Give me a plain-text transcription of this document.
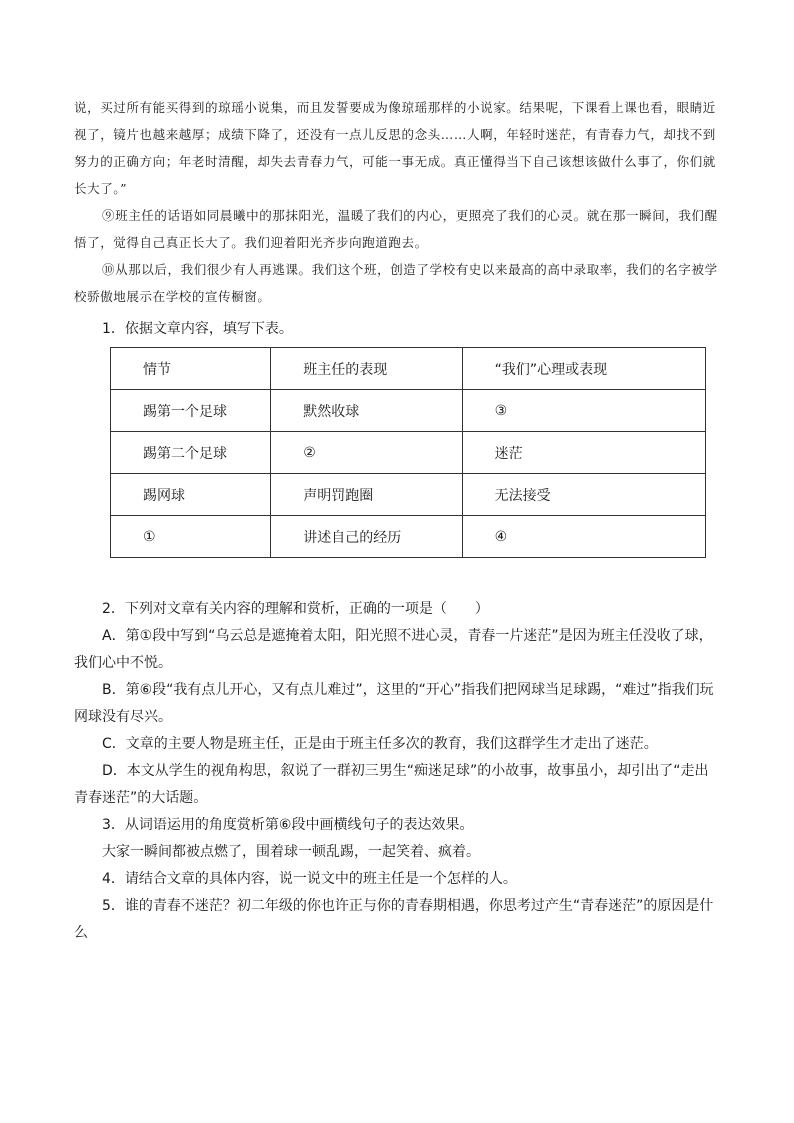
说，买过所有能买得到的琼瑶小说集，而且发誓要成为像琼瑶那样的小说家。结果呢，下课看上课也看，眼睛近视了，镜片也越来越厚；成绩下降了，还没有一点儿反思的念头……人啊，年轻时迷茫，有青春力气，却找不到努力的正确方向；年老时清醒，却失去青春力气，可能一事无成。真正懂得当下自己该想该做什么事了，你们就长大了。”

⑨班主任的话语如同晨曦中的那抹阳光，温暖了我们的内心，更照亮了我们的心灵。就在那一瞬间，我们醒悟了，觉得自己真正长大了。我们迎着阳光齐步向跑道跑去。

⑩从那以后，我们很少有人再逃课。我们这个班，创造了学校有史以来最高的高中录取率，我们的名字被学校骄傲地展示在学校的宣传橱窗。

1．依据文章内容，填写下表。

情节	班主任的表现	“我们”心理或表现
踢第一个足球	默然收球	③
踢第二个足球	②	迷茫
踢网球	声明罚跑圈	无法接受
①	讲述自己的经历	④

2．下列对文章有关内容的理解和赏析，正确的一项是（　　）

A．第①段中写到“乌云总是遮掩着太阳，阳光照不进心灵，青春一片迷茫”是因为班主任没收了球，我们心中不悦。

B．第⑥段“我有点儿开心，又有点儿难过”，这里的“开心”指我们把网球当足球踢，“难过”指我们玩网球没有尽兴。

C．文章的主要人物是班主任，正是由于班主任多次的教育，我们这群学生才走出了迷茫。

D．本文从学生的视角构思，叙说了一群初三男生“痴迷足球”的小故事，故事虽小，却引出了“走出青春迷茫”的大话题。

3．从词语运用的角度赏析第⑥段中画横线句子的表达效果。

大家一瞬间都被点燃了，围着球一顿乱踢，一起笑着、疯着。

4．请结合文章的具体内容，说一说文中的班主任是一个怎样的人。

5．谁的青春不迷茫？初二年级的你也许正与你的青春期相遇，你思考过产生“青春迷茫”的原因是什么
